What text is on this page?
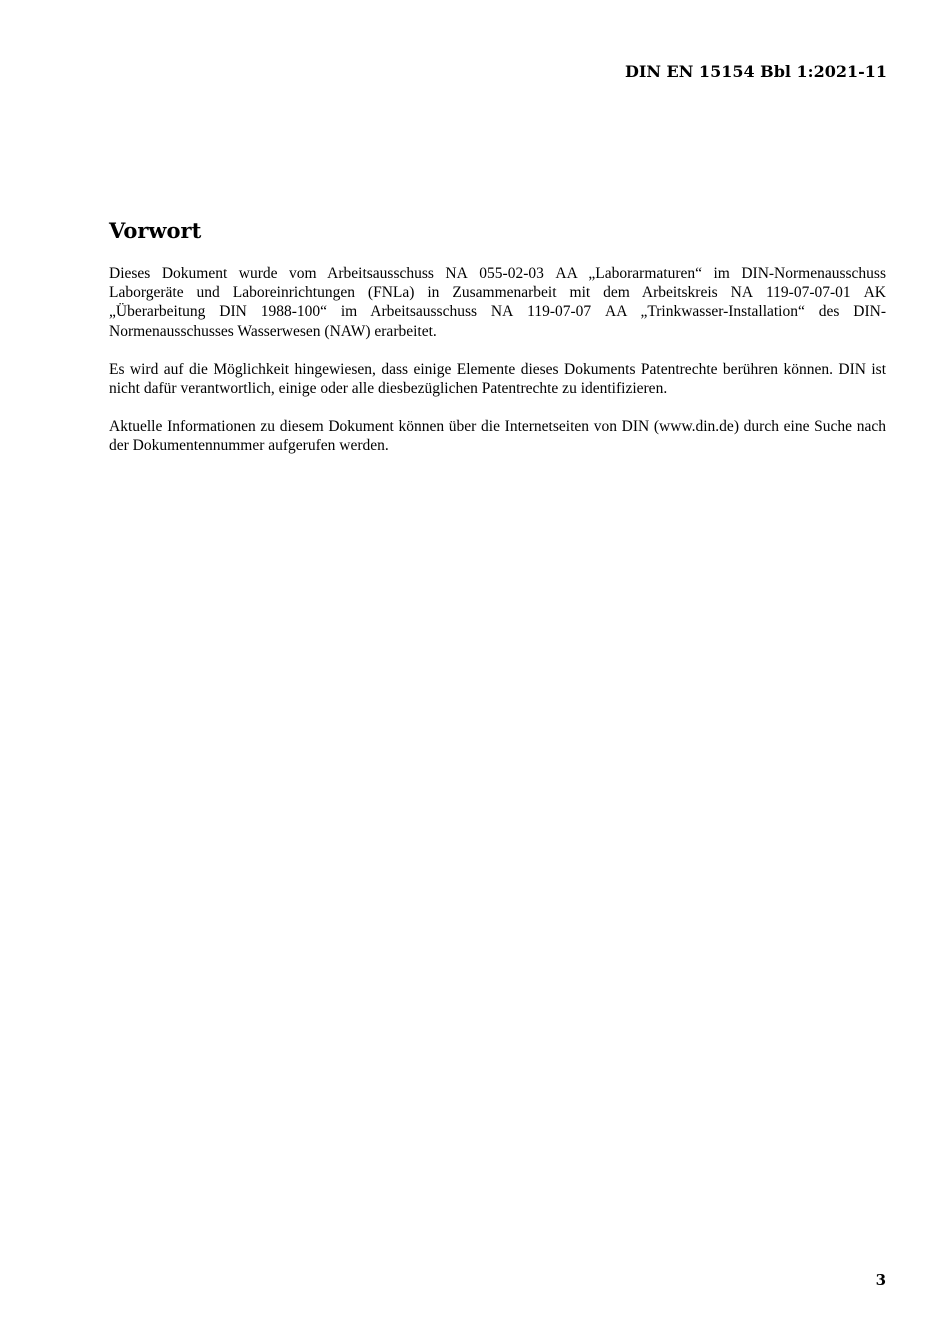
DIN EN 15154 Bbl 1:2021-11
Vorwort

Dieses Dokument wurde vom Arbeitsausschuss NA 055-02-03 AA „Laborarmaturen“ im DIN-Normenausschuss Laborgeräte und Laboreinrichtungen (FNLa) in Zusammenarbeit mit dem Arbeitskreis NA 119-07-07-01 AK „Überarbeitung DIN 1988-100“ im Arbeitsausschuss NA 119-07-07 AA „Trinkwasser-Installation“ des DIN-Normenausschusses Wasserwesen (NAW) erarbeitet.

Es wird auf die Möglichkeit hingewiesen, dass einige Elemente dieses Dokuments Patentrechte berühren können. DIN ist nicht dafür verantwortlich, einige oder alle diesbezüglichen Patentrechte zu identifizieren.

Aktuelle Informationen zu diesem Dokument können über die Internetseiten von DIN (www.din.de) durch eine Suche nach der Dokumentennummer aufgerufen werden.

3
